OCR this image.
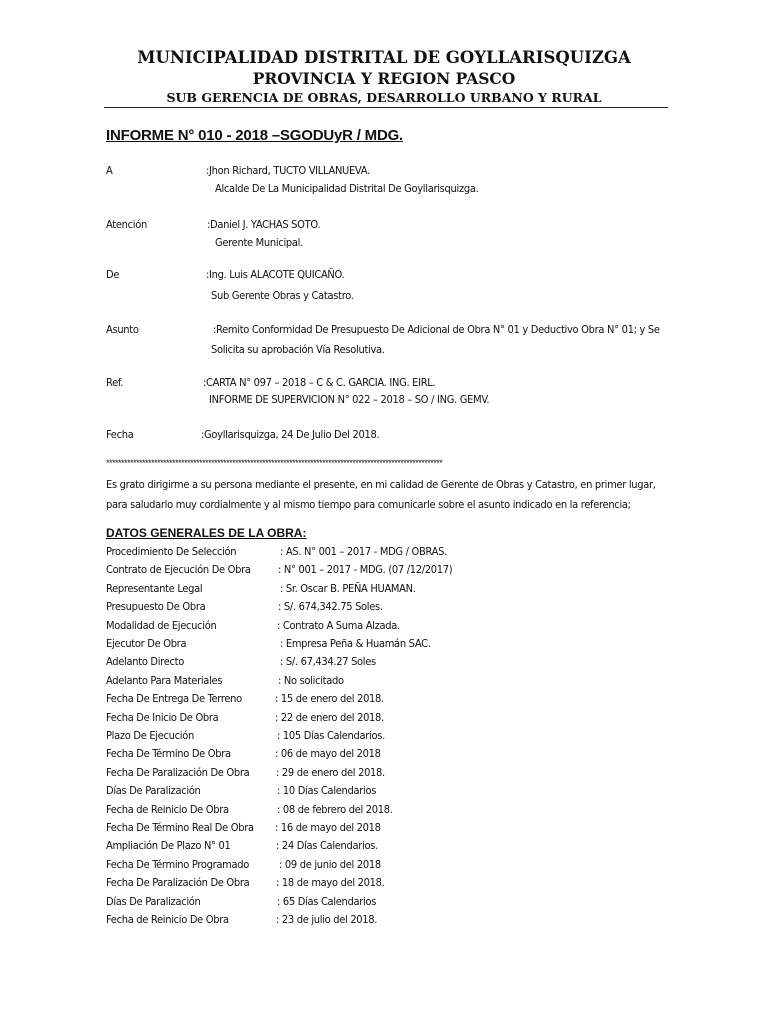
MUNICIPALIDAD DISTRITAL DE GOYLLARISQUIZGA
PROVINCIA Y REGION PASCO
SUB GERENCIA DE OBRAS, DESARROLLO URBANO Y RURAL
INFORME N° 010 - 2018 –SGODUyR / MDG.
A	:Jhon Richard, TUCTO VILLANUEVA.
Alcalde De La Municipalidad Distrital De Goyllarisquizga.
Atención	:Daniel J. YACHAS SOTO.
Gerente Municipal.
De	:Ing. Luis ALACOTE QUICAÑO.
Sub Gerente Obras y Catastro.
Asunto	:Remito Conformidad De Presupuesto De Adicional de Obra N° 01 y Deductivo Obra N° 01; y Se
Solicita su aprobación Vía Resolutiva.
Ref.	:CARTA N° 097 – 2018 – C & C. GARCIA. ING. EIRL.
INFORME DE SUPERVICION N° 022 – 2018 – SO / ING. GEMV.
Fecha	:Goyllarisquizga, 24 De Julio Del 2018.
****************************************************************************************************************
Es grato dirigirme a su persona mediante el presente, en mi calidad de Gerente de Obras y Catastro, en primer lugar,
para saludarlo muy cordialmente y al mismo tiempo para comunicarle sobre el asunto indicado en la referencia;
DATOS GENERALES DE LA OBRA:
Procedimiento De Selección	: AS. N° 001 – 2017 - MDG / OBRAS.
Contrato de Ejecución De Obra : N° 001 – 2017 - MDG. (07 /12/2017)
Representante Legal	: Sr. Oscar B. PEÑA HUAMAN.
Presupuesto De Obra	: S/. 674,342.75 Soles.
Modalidad de Ejecución	: Contrato A Suma Alzada.
Ejecutor De Obra	: Empresa Peña & Huamán SAC.
Adelanto Directo	: S/. 67,434.27 Soles
Adelanto Para Materiales	: No solicitado
Fecha De Entrega De Terreno	: 15 de enero del 2018.
Fecha De Inicio De Obra	: 22 de enero del 2018.
Plazo De Ejecución	: 105 Días Calendarios.
Fecha De Término De Obra	: 06 de mayo del 2018
Fecha De Paralización De Obra : 29 de enero del 2018.
Días De Paralización	: 10 Días Calendarios
Fecha de Reinicio De Obra	: 08 de febrero del 2018.
Fecha De Término Real De Obra : 16 de mayo del 2018
Ampliación De Plazo N° 01	: 24 Días Calendarios.
Fecha De Término Programado	: 09 de junio del 2018
Fecha De Paralización De Obra : 18 de mayo del 2018.
Días De Paralización	: 65 Días Calendarios
Fecha de Reinicio De Obra	: 23 de julio del 2018.
